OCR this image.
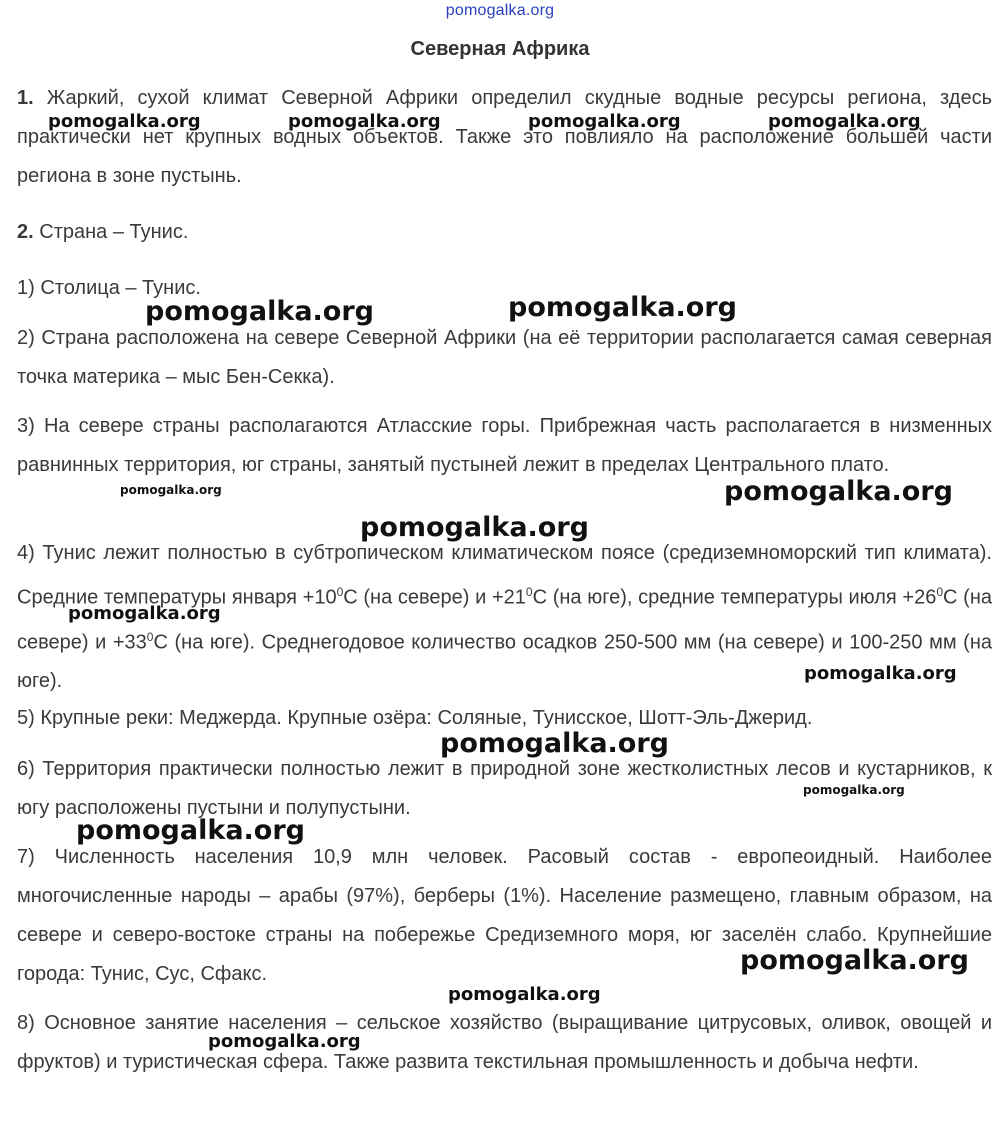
pomogalka.org
Северная Африка
1. Жаркий, сухой климат Северной Африки определил скудные водные ресурсы региона, здесь практически нет крупных водных объектов. Также это повлияло на расположение большей части региона в зоне пустынь.
2. Страна – Тунис.
1) Столица – Тунис.
2) Страна расположена на севере Северной Африки (на её территории располагается самая северная точка материка – мыс Бен-Секка).
3) На севере страны располагаются Атласские горы. Прибрежная часть располагается в низменных равнинных территория, юг страны, занятый пустыней лежит в пределах Центрального плато.
4) Тунис лежит полностью в субтропическом климатическом поясе (средиземноморский тип климата). Средние температуры января $+10^0С$ (на севере) $и +21^0С$ (на юге), средние температуры июля $+26^0С$ (на севере) $и +33^0С$ (на юге). Среднегодовое количество осадков 250-500 мм (на севере) и 100-250 мм (на юге).
5) Крупные реки: Меджерда. Крупные озёра: Соляные, Тунисское, Шотт-Эль-Джерид.
6) Территория практически полностью лежит в природной зоне жестколистных лесов и кустарников, к югу расположены пустыни и полупустыни.
7) Численность населения 10,9 млн человек. Расовый состав - европеоидный. Наиболее многочисленные народы – арабы (97%), берберы (1%). Население размещено, главным образом, на севере и северо-востоке страны на побережье Средиземного моря, юг заселён слабо. Крупнейшие города: Тунис, Сус, Сфакс.
8) Основное занятие населения – сельское хозяйство (выращивание цитрусовых, оливок, овощей и фруктов) и туристическая сфера. Также развита текстильная промышленность и добыча нефти.
pomogalka.org	pomogalka.org	pomogalka.org	pomogalka.org
pomogalka.org	pomogalka.org
pomogalka.org	pomogalka.org
pomogalka.org
pomogalka.org
pomogalka.org
pomogalka.org
pomogalka.org
pomogalka.org
pomogalka.org
pomogalka.org
pomogalka.org
